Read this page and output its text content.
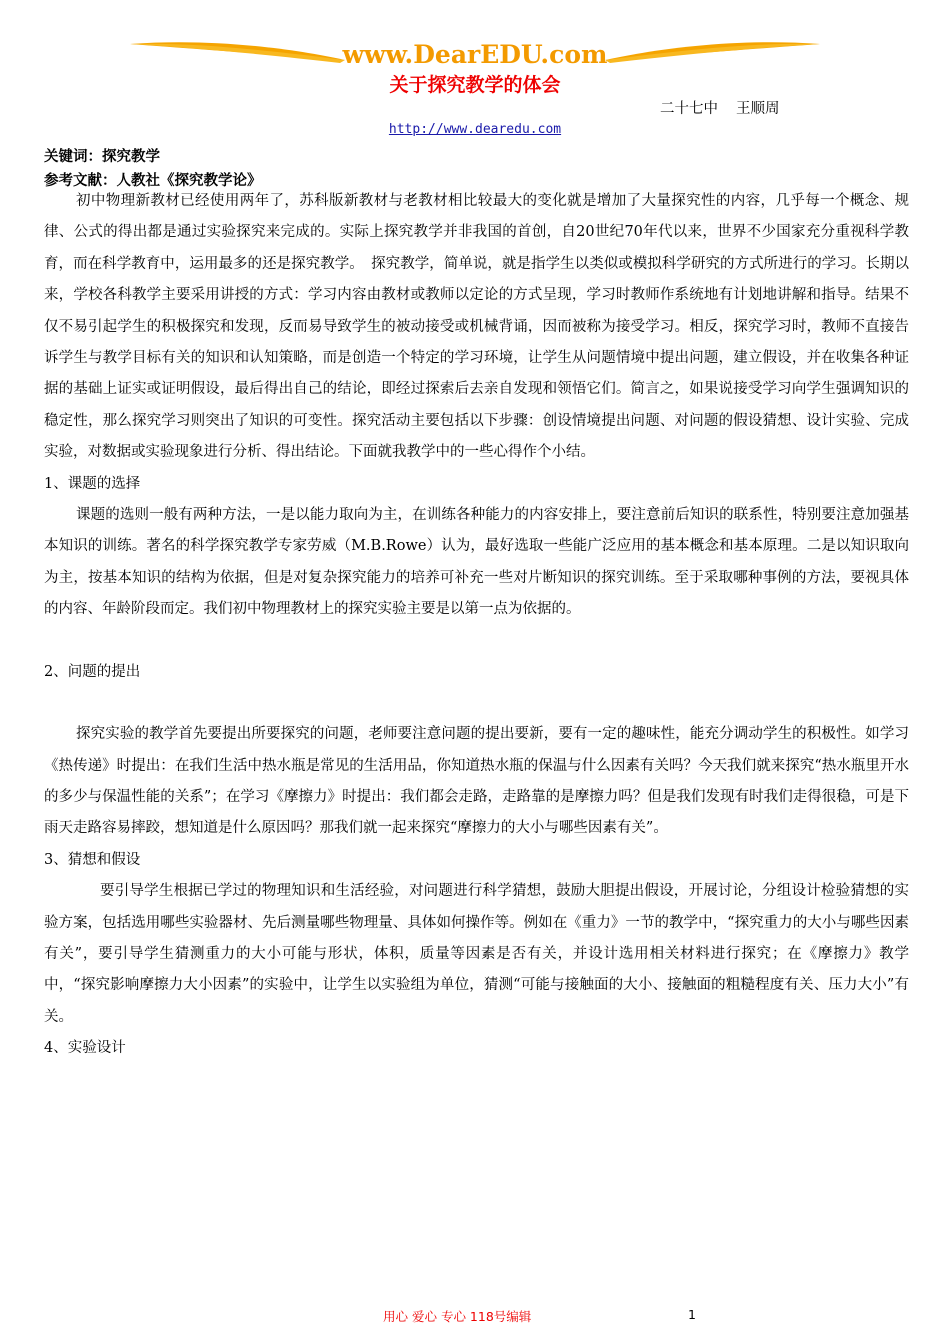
www.DearEDU.com
关于探究教学的体会
二十七中 王顺周
http://www.dearedu.com
关键词：探究教学
参考文献：人教社《探究教学论》

初中物理新教材已经使用两年了，苏科版新教材与老教材相比较最大的变化就是增加了大量探究性的内容，几乎每一个概念、规律、公式的得出都是通过实验探究来完成的。实际上探究教学并非我国的首创，自20世纪70年代以来，世界不少国家充分重视科学教育，而在科学教育中，运用最多的还是探究教学。　探究教学，简单说，就是指学生以类似或模拟科学研究的方式所进行的学习。长期以来，学校各科教学主要采用讲授的方式：学习内容由教材或教师以定论的方式呈现，学习时教师作系统地有计划地讲解和指导。结果不仅不易引起学生的积极探究和发现，反而易导致学生的被动接受或机械背诵，因而被称为接受学习。相反，探究学习时，教师不直接告诉学生与教学目标有关的知识和认知策略，而是创造一个特定的学习环境，让学生从问题情境中提出问题，建立假设，并在收集各种证据的基础上证实或证明假设，最后得出自己的结论，即经过探索后去亲自发现和领悟它们。简言之，如果说接受学习向学生强调知识的稳定性，那么探究学习则突出了知识的可变性。探究活动主要包括以下步骤：创设情境提出问题、对问题的假设猜想、设计实验、完成实验，对数据或实验现象进行分析、得出结论。下面就我教学中的一些心得作个小结。

1、课题的选择

课题的选则一般有两种方法，一是以能力取向为主，在训练各种能力的内容安排上，要注意前后知识的联系性，特别要注意加强基本知识的训练。著名的科学探究教学专家劳威（M.B.Rowe）认为，最好选取一些能广泛应用的基本概念和基本原理。二是以知识取向为主，按基本知识的结构为依据，但是对复杂探究能力的培养可补充一些对片断知识的探究训练。至于采取哪种事例的方法，要视具体的内容、年龄阶段而定。我们初中物理教材上的探究实验主要是以第一点为依据的。

2、问题的提出

探究实验的教学首先要提出所要探究的问题，老师要注意问题的提出要新，要有一定的趣味性，能充分调动学生的积极性。如学习《热传递》时提出：在我们生活中热水瓶是常见的生活用品，你知道热水瓶的保温与什么因素有关吗？今天我们就来探究“热水瓶里开水的多少与保温性能的关系”；在学习《摩擦力》时提出：我们都会走路，走路靠的是摩擦力吗？但是我们发现有时我们走得很稳，可是下雨天走路容易摔跤，想知道是什么原因吗？那我们就一起来探究“摩擦力的大小与哪些因素有关”。

3、猜想和假设

要引导学生根据已学过的物理知识和生活经验，对问题进行科学猜想，鼓励大胆提出假设，开展讨论，分组设计检验猜想的实验方案，包括选用哪些实验器材、先后测量哪些物理量、具体如何操作等。例如在《重力》一节的教学中，“探究重力的大小与哪些因素有关”，要引导学生猜测重力的大小可能与形状，体积，质量等因素是否有关，并设计选用相关材料进行探究；在《摩擦力》教学中，“探究影响摩擦力大小因素”的实验中，让学生以实验组为单位，猜测“可能与接触面的大小、接触面的粗糙程度有关、压力大小”有关。

4、实验设计

用心 爱心 专心 118号编辑	1
